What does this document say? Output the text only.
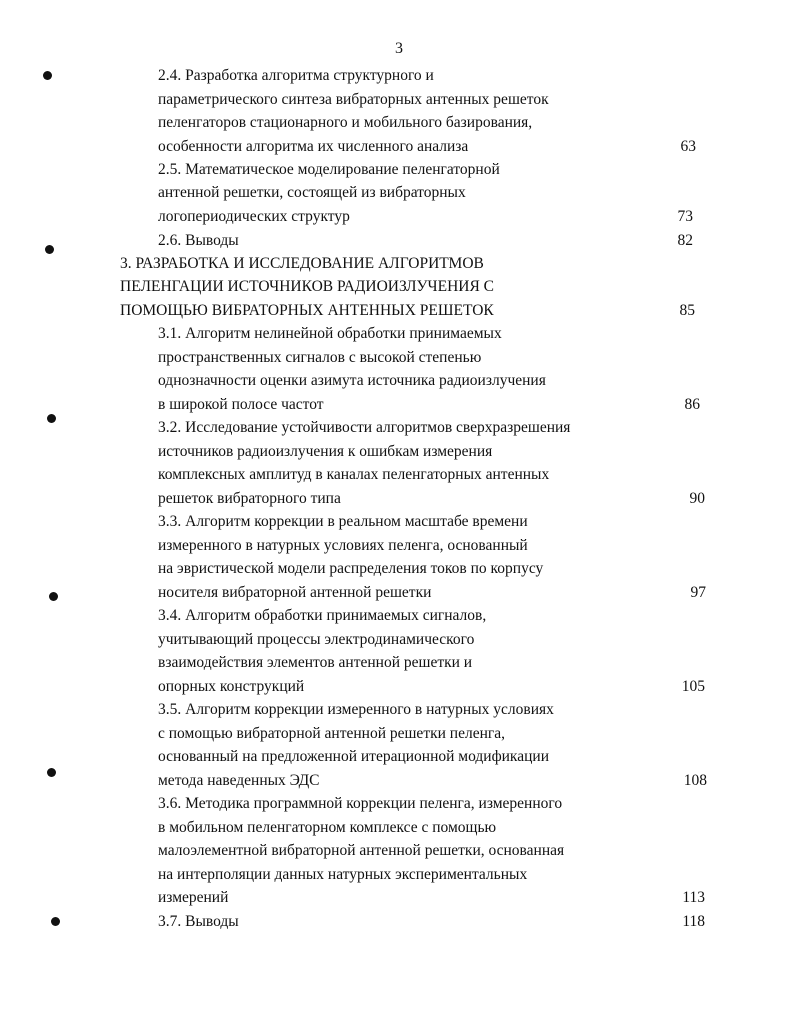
3
2.4. Разработка алгоритма структурного и
параметрического синтеза вибраторных антенных решеток
пеленгаторов стационарного и мобильного базирования,
особенности алгоритма их численного анализа	63
2.5. Математическое моделирование пеленгаторной
антенной решетки, состоящей из вибраторных
логопериодических структур	73
2.6. Выводы	82
3. РАЗРАБОТКА И ИССЛЕДОВАНИЕ АЛГОРИТМОВ
ПЕЛЕНГАЦИИ ИСТОЧНИКОВ РАДИОИЗЛУЧЕНИЯ С
ПОМОЩЬЮ ВИБРАТОРНЫХ АНТЕННЫХ РЕШЕТОК	85
3.1. Алгоритм нелинейной обработки принимаемых
пространственных сигналов с высокой степенью
однозначности оценки азимута источника радиоизлучения
в широкой полосе частот	86
3.2. Исследование устойчивости алгоритмов сверхразрешения
источников радиоизлучения к ошибкам измерения
комплексных амплитуд в каналах пеленгаторных антенных
решеток вибраторного типа	90
3.3. Алгоритм коррекции в реальном масштабе времени
измеренного в натурных условиях пеленга, основанный
на эвристической модели распределения токов по корпусу
носителя вибраторной антенной решетки	97
3.4. Алгоритм обработки принимаемых сигналов,
учитывающий процессы электродинамического
взаимодействия элементов антенной решетки и
опорных конструкций	105
3.5. Алгоритм коррекции измеренного в натурных условиях
с помощью вибраторной антенной решетки пеленга,
основанный на предложенной итерационной модификации
метода наведенных ЭДС	108
3.6. Методика программной коррекции пеленга, измеренного
в мобильном пеленгаторном комплексе с помощью
малоэлементной вибраторной антенной решетки, основанная
на интерполяции данных натурных экспериментальных
измерений	113
3.7. Выводы	118
